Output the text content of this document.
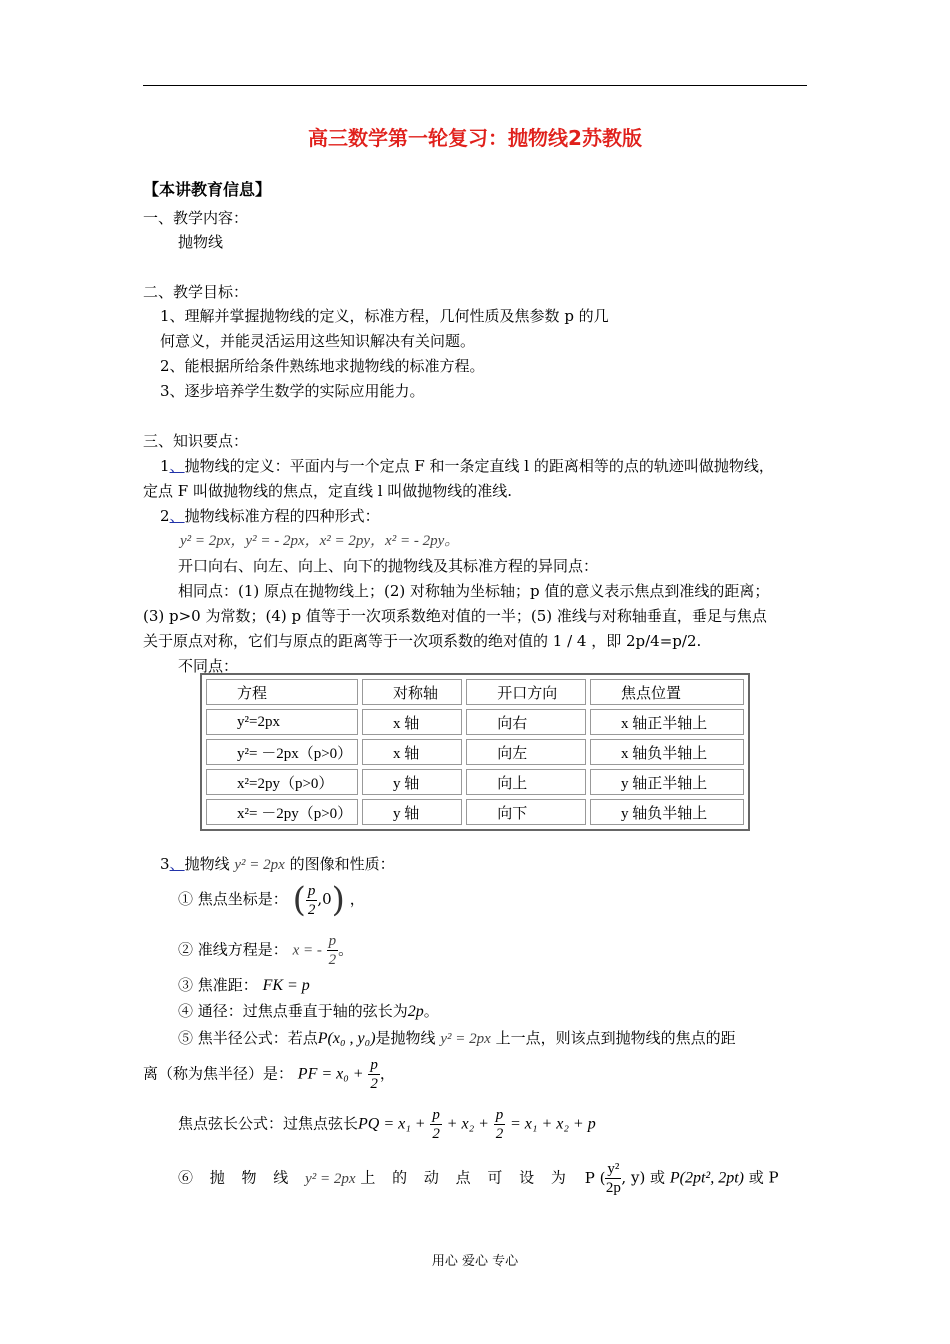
高三数学第一轮复习：抛物线2苏教版
【本讲教育信息】
一、教学内容：
抛物线
二、教学目标：
1、理解并掌握抛物线的定义，标准方程，几何性质及焦参数 p 的几
何意义，并能灵活运用这些知识解决有关问题。
2、能根据所给条件熟练地求抛物线的标准方程。
3、逐步培养学生数学的实际应用能力。
三、知识要点：
1、抛物线的定义：平面内与一个定点 F 和一条定直线 l 的距离相等的点的轨迹叫做抛物线，
定点 F 叫做抛物线的焦点，定直线 l 叫做抛物线的准线.
2、抛物线标准方程的四种形式：
y² = 2px，y² = - 2px，x² = 2py，x² = - 2py。
开口向右、向左、向上、向下的抛物线及其标准方程的异同点：
相同点：(1) 原点在抛物线上；(2) 对称轴为坐标轴；p 值的意义表示焦点到准线的距离；
(3) p>0 为常数；(4) p 值等于一次项系数绝对值的一半；(5) 准线与对称轴垂直，垂足与焦点
关于原点对称，它们与原点的距离等于一次项系数的绝对值的 1 / 4 ，即 2p/4=p/2.
不同点：
方程	对称轴	开口方向	焦点位置
y²=2px	x 轴	向右	x 轴正半轴上
y²= －2px（p>0）	x 轴	向左	x 轴负半轴上
x²=2py（p>0）	y 轴	向上	y 轴正半轴上
x²= －2py（p>0）	y 轴	向下	y 轴负半轴上
3、抛物线 y² = 2px 的图像和性质：
① 焦点坐标是： ( $\frac{p}{2} ,0$) ，
② 准线方程是： x = - $\frac{p}{2}$ 。
③ 焦准距： FK = p
④ 通径：过焦点垂直于轴的弦长为2p。
⑤ 焦半径公式：若点P(x₀ , y₀)是抛物线 y² = 2px 上一点，则该点到抛物线的焦点的距
离（称为焦半径）是： PF = $x_0 + \frac{p}{2}$ ，
焦点弦长公式：过焦点弦长PQ = $x_1 + \frac{p}{2} + x_2 + \frac{p}{2} = x_1 + x_2 + p$
⑥ 抛 物 线 y² = 2px 上 的 动 点 可 设 为 P ( $\frac{\text{y²}}{2p}$ , y) 或 P(2pt², 2pt) 或 P
用心 爱心 专心
